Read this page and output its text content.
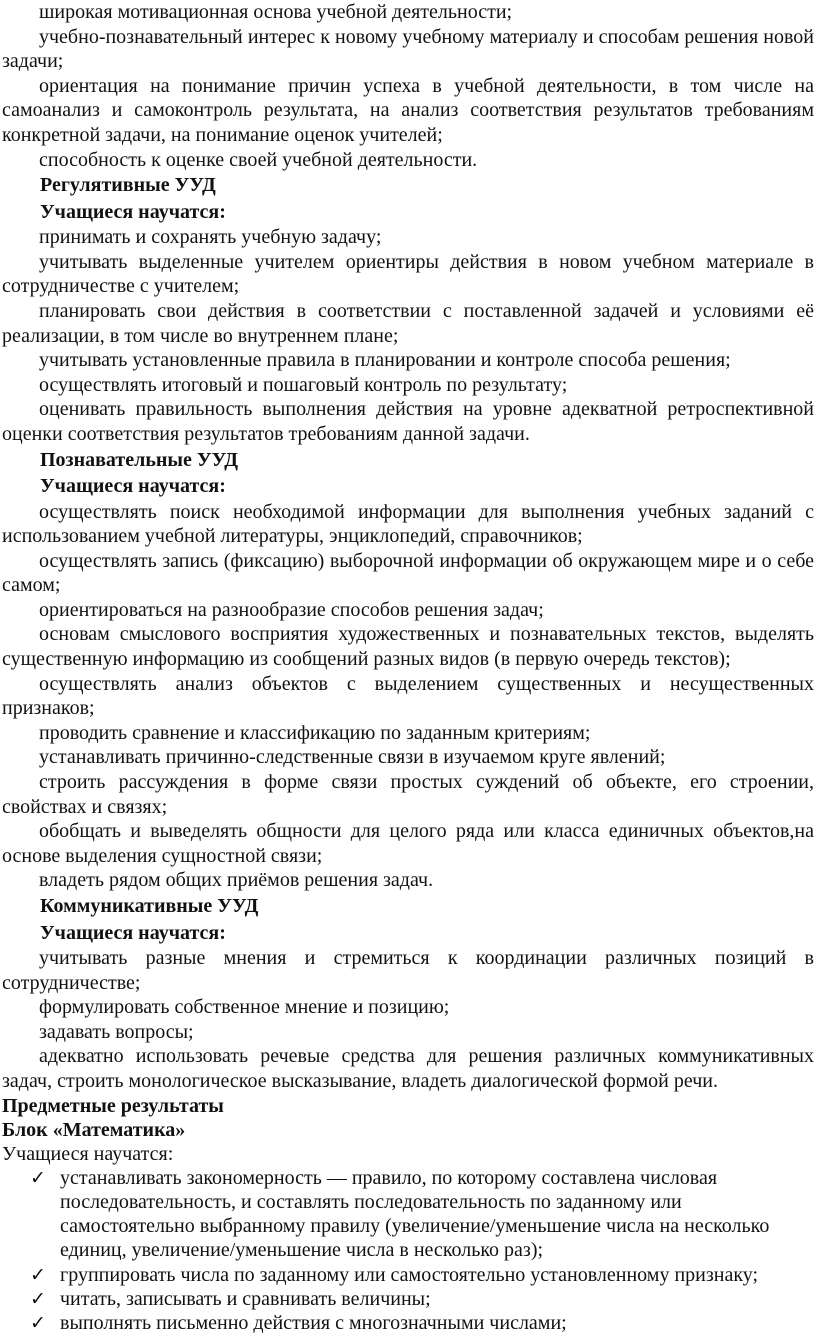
–
широкая мотивационная основа учебной деятельности;
–
учебно-познавательный интерес к новому учебному материалу и способам решения новой задачи;
–
ориентация на понимание причин успеха в учебной деятельности, в том числе на самоанализ и самоконтроль результата, на анализ соответствия результатов требованиям конкретной задачи, на понимание оценок учителей;
–
способность к оценке своей учебной деятельности.
Регулятивные УУД
Учащиеся научатся:
–
принимать и сохранять учебную задачу;
–
учитывать выделенные учителем ориентиры действия в новом учебном материале в сотрудничестве с учителем;
–
планировать свои действия в соответствии с поставленной задачей и условиями её реализации, в том числе во внутреннем плане;
–
учитывать установленные правила в планировании и контроле способа решения;
–
осуществлять итоговый и пошаговый контроль по результату;
–
оценивать правильность выполнения действия на уровне адекватной ретроспективной оценки соответствия результатов требованиям данной задачи.
Познавательные УУД
Учащиеся научатся:
–
осуществлять поиск необходимой информации для выполнения учебных заданий с использованием учебной литературы, энциклопедий, справочников;
–
осуществлять запись (фиксацию) выборочной информации об окружающем мире и о себе самом;
–
ориентироваться на разнообразие способов решения задач;
–
основам смыслового восприятия художественных и познавательных текстов, выделять существенную информацию из сообщений разных видов (в первую очередь текстов);
–
осуществлять анализ объектов с выделением существенных и несущественных признаков;
–
проводить сравнение и классификацию по заданным критериям;
–
устанавливать причинно-следственные связи в изучаемом круге явлений;
–
строить рассуждения в форме связи простых суждений об объекте, его строении, свойствах и связях;
–
обобщать и выведелять общности для целого ряда или класса единичных объектов,на основе выделения сущностной связи;
–
владеть рядом общих приёмов решения задач.
Коммуникативные УУД
Учащиеся научатся:
–
учитывать разные мнения и стремиться к координации различных позиций в сотрудничестве;
–
формулировать собственное мнение и позицию;
–
задавать вопросы;
–
адекватно использовать речевые средства для решения различных коммуникативных задач, строить монологическое высказывание, владеть диалогической формой речи.
Предметные результаты
Блок «Математика»
Учащиеся научатся:
✓ устанавливать закономерность — правило, по которому составлена числовая последовательность, и составлять последовательность по заданному или самостоятельно выбранному правилу (увеличение/уменьшение числа на несколько единиц, увеличение/уменьшение числа в несколько раз);
✓ группировать числа по заданному или самостоятельно установленному признаку;
✓ читать, записывать и сравнивать величины;
✓ выполнять письменно действия с многозначными числами;
